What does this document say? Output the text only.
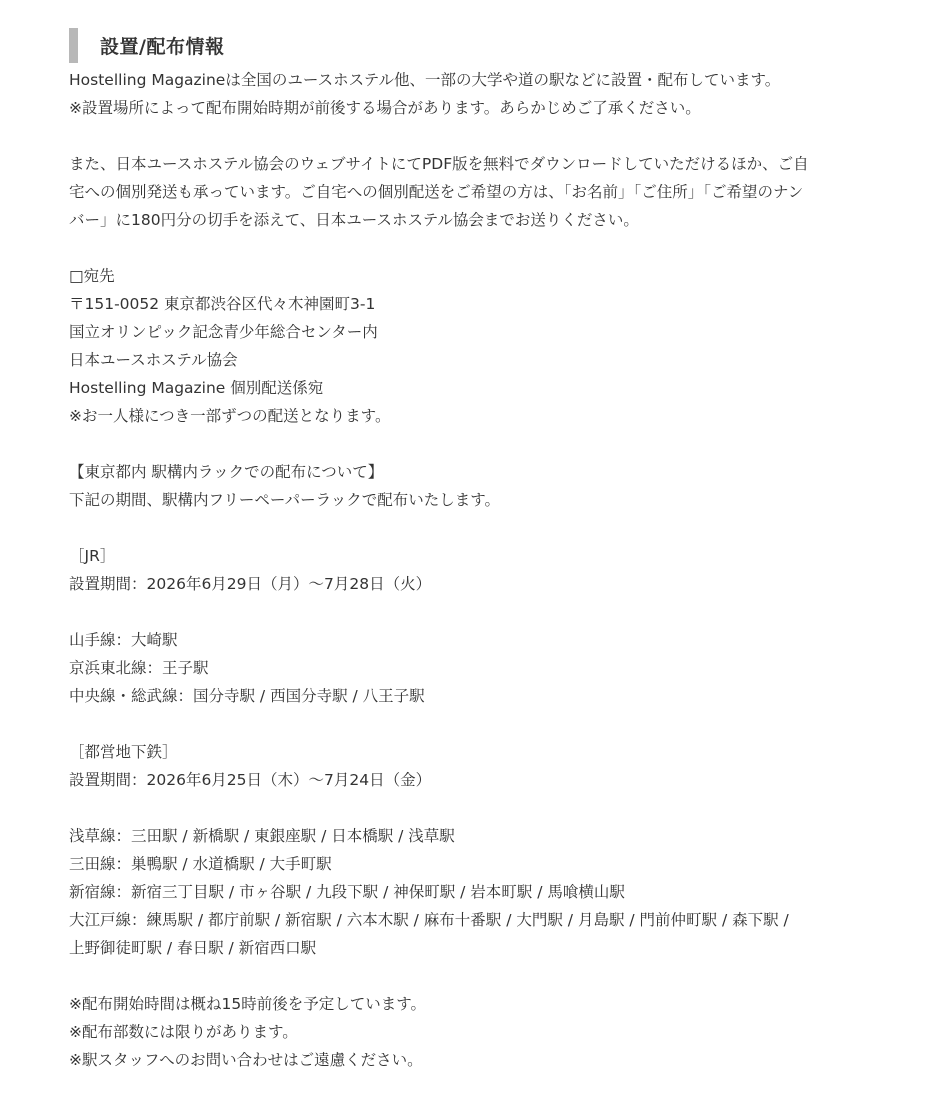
設置/配布情報
Hostelling Magazineは全国のユースホステル他、一部の大学や道の駅などに設置・配布しています。
※設置場所によって配布開始時期が前後する場合があります。あらかじめご了承ください。
また、日本ユースホステル協会のウェブサイトにてPDF版を無料でダウンロードしていただけるほか、ご自
宅への個別発送も承っています。ご自宅への個別配送をご希望の方は、「お名前」「ご住所」「ご希望のナン
バー」に180円分の切手を添えて、日本ユースホステル協会までお送りください。
□宛先
〒151-0052 東京都渋谷区代々木神園町3-1
国立オリンピック記念青少年総合センター内
日本ユースホステル協会
Hostelling Magazine 個別配送係宛
※お一人様につき一部ずつの配送となります。
【東京都内 駅構内ラックでの配布について】
下記の期間、駅構内フリーペーパーラックで配布いたします。
［JR］
設置期間：2026年6月29日（月）～7月28日（火）
山手線：大崎駅
京浜東北線：王子駅
中央線・総武線：国分寺駅 / 西国分寺駅 / 八王子駅
［都営地下鉄］
設置期間：2026年6月25日（木）～7月24日（金）
浅草線：三田駅 / 新橋駅 / 東銀座駅 / 日本橋駅 / 浅草駅
三田線：巣鴨駅 / 水道橋駅 / 大手町駅
新宿線：新宿三丁目駅 / 市ヶ谷駅 / 九段下駅 / 神保町駅 / 岩本町駅 / 馬喰横山駅
大江戸線：練馬駅 / 都庁前駅 / 新宿駅 / 六本木駅 / 麻布十番駅 / 大門駅 / 月島駅 / 門前仲町駅 / 森下駅 /
上野御徒町駅 / 春日駅 / 新宿西口駅
※配布開始時間は概ね15時前後を予定しています。
※配布部数には限りがあります。
※駅スタッフへのお問い合わせはご遠慮ください。
